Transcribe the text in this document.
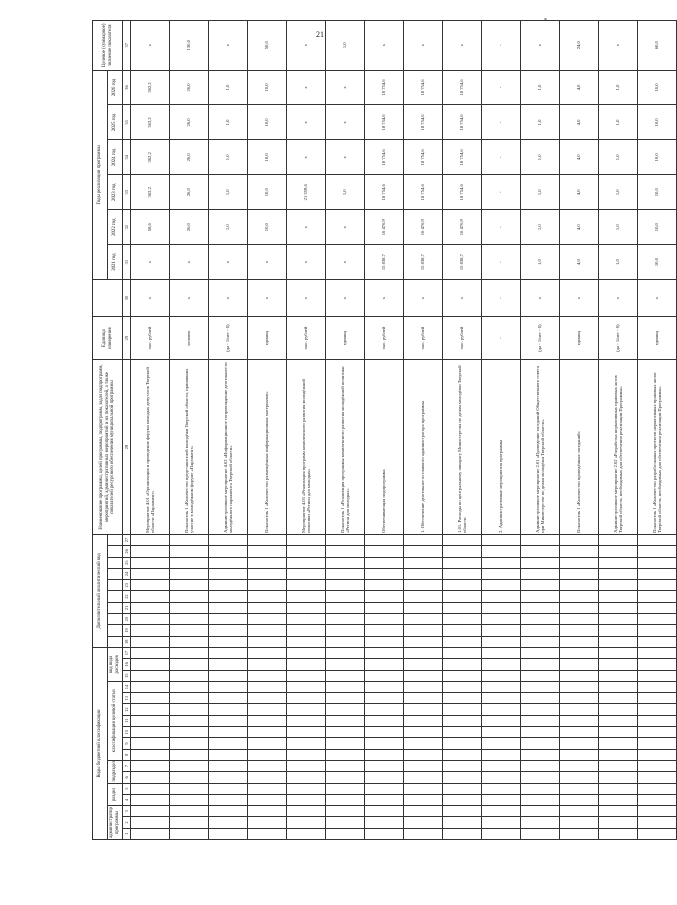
21
*
Коды бюджетной классификации																	Дополнительный аналитический код										Наименование программы, целей программы, подпрограмм, задач подпрограмм, мероприятий, административных мероприятий и их показателей, а также показателей ресурсного обеспечения муниципальной программы	Единица измерения		Годы реализации программы						Целевое (суммарное) значение показателя
администратор программы			раздел		подраздел		классификация целевой статьи							код вида расходов																2021 год	2022 год	2023 год	2024 год	2025 год	2026 год	
1	2	3	4	5	6	7	8	9	10	11	12	13	14	15	16	17	18	19	20	21	22	23	24	25	26	27	28	29	30	31	32	33	34	35	36	37
																											Мероприятие 4.01 «Организация и проведение форума молодых депутатов Тверской области «Парламент»	тыс. рублей	х	х	58,6	362,2	362,2	362,2	362,2	х
																											Показатель 1 «Количество представителей молодёжи Тверской области, принявших участие в молодёжном форуме «Парламент»	человек	х	х	26,0	26,0	26,0	26,0	26,0	130,0
																											Административное мероприятие 4.02 «Информационное сопровождение деятельности молодёжного парламента Тверской области»	(да - 1/нет - 0)	х	х	1,0	1,0	1,0	1,0	1,0	х
																											Показатель 1 «Количество размещённых информационных материалов»	единиц	х	х	10,0	10,0	10,0	10,0	10,0	50,0
																											Мероприятие 4.03 «Реализация программ комплексного развития молодёжной политики «Регион для молодых»	тыс. рублей	х	х	х	21 359,6	х	х	х	х
																											Показатель 1 «Реализация программы комплексного развития молодёжной политики «Регион для молодых»	единиц	х	х	х	1,0	х	х	х	1,0
																											Обеспечивающая подпрограмма	тыс. рублей	х	15 838,7	16 476,9	18 754,6	18 754,6	18 754,6	18 754,6	х
																											1. Обеспечение деятельности главного администратора программы	тыс. рублей	х	15 838,7	16 476,9	18 754,6	18 754,6	18 754,6	18 754,6	х
																											1.01. Расходы по центральному аппарату Министерства по делам молодёжи Тверской области	тыс. рублей	х	15 838,7	16 476,9	18 754,6	18 754,6	18 754,6	18 754,6	х
																											2. Административные мероприятия программы	-	-	-	-	-	-	-	-	-
																											Административное мероприятие 2.01 «Проведение заседаний Общественного совета при Министерстве по делам молодёжи Тверской области»	(да - 1/нет - 0)	х	1,0	1,0	1,0	1,0	1,0	1,0	х
																											Показатель 1 «Количество проведённых заседаний»	единиц	х	4,0	4,0	4,0	4,0	4,0	4,0	24,0
																											Административное мероприятие 2.02 «Разработка нормативных правовых актов Тверской области, необходимых для обеспечения реализации Программы»	(да - 1/нет - 0)	х	1,0	1,0	1,0	1,0	1,0	1,0	х
																											Показатель 1 «Количество разработанных проектов нормативных правовых актов Тверской области, необходимых для обеспечения реализации Программы»	единиц	х	10,0	10,0	10,0	10,0	10,0	10,0	60,0
